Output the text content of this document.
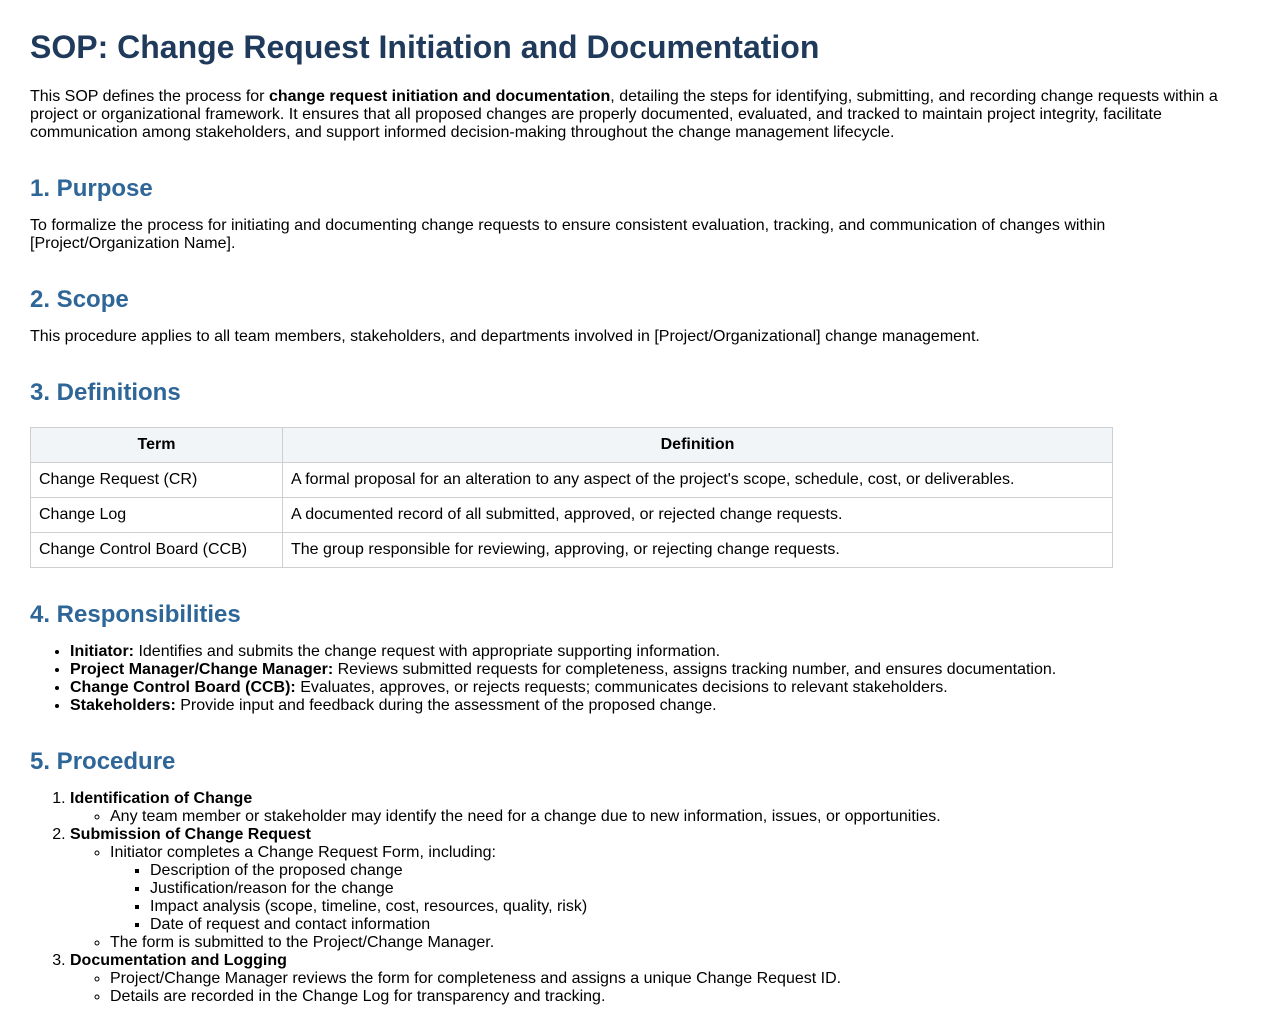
SOP: Change Request Initiation and Documentation

This SOP defines the process for change request initiation and documentation, detailing the steps for identifying, submitting, and recording change requests within a project or organizational framework. It ensures that all proposed changes are properly documented, evaluated, and tracked to maintain project integrity, facilitate communication among stakeholders, and support informed decision-making throughout the change management lifecycle.

1. Purpose

To formalize the process for initiating and documenting change requests to ensure consistent evaluation, tracking, and communication of changes within [Project/Organization Name].

2. Scope

This procedure applies to all team members, stakeholders, and departments involved in [Project/Organizational] change management.

3. Definitions
Term	Definition
Change Request (CR)	A formal proposal for an alteration to any aspect of the project's scope, schedule, cost, or deliverables.
Change Log	A documented record of all submitted, approved, or rejected change requests.
Change Control Board (CCB)	The group responsible for reviewing, approving, or rejecting change requests.
4. Responsibilities
• Initiator: Identifies and submits the change request with appropriate supporting information.
• Project Manager/Change Manager: Reviews submitted requests for completeness, assigns tracking number, and ensures documentation.
• Change Control Board (CCB): Evaluates, approves, or rejects requests; communicates decisions to relevant stakeholders.
• Stakeholders: Provide input and feedback during the assessment of the proposed change.
5. Procedure
1. Identification of Change
◦ Any team member or stakeholder may identify the need for a change due to new information, issues, or opportunities.
2. Submission of Change Request
◦ Initiator completes a Change Request Form, including:
▪ Description of the proposed change
▪ Justification/reason for the change
▪ Impact analysis (scope, timeline, cost, resources, quality, risk)
▪ Date of request and contact information
◦ The form is submitted to the Project/Change Manager.
3. Documentation and Logging
◦ Project/Change Manager reviews the form for completeness and assigns a unique Change Request ID.
◦ Details are recorded in the Change Log for transparency and tracking.
